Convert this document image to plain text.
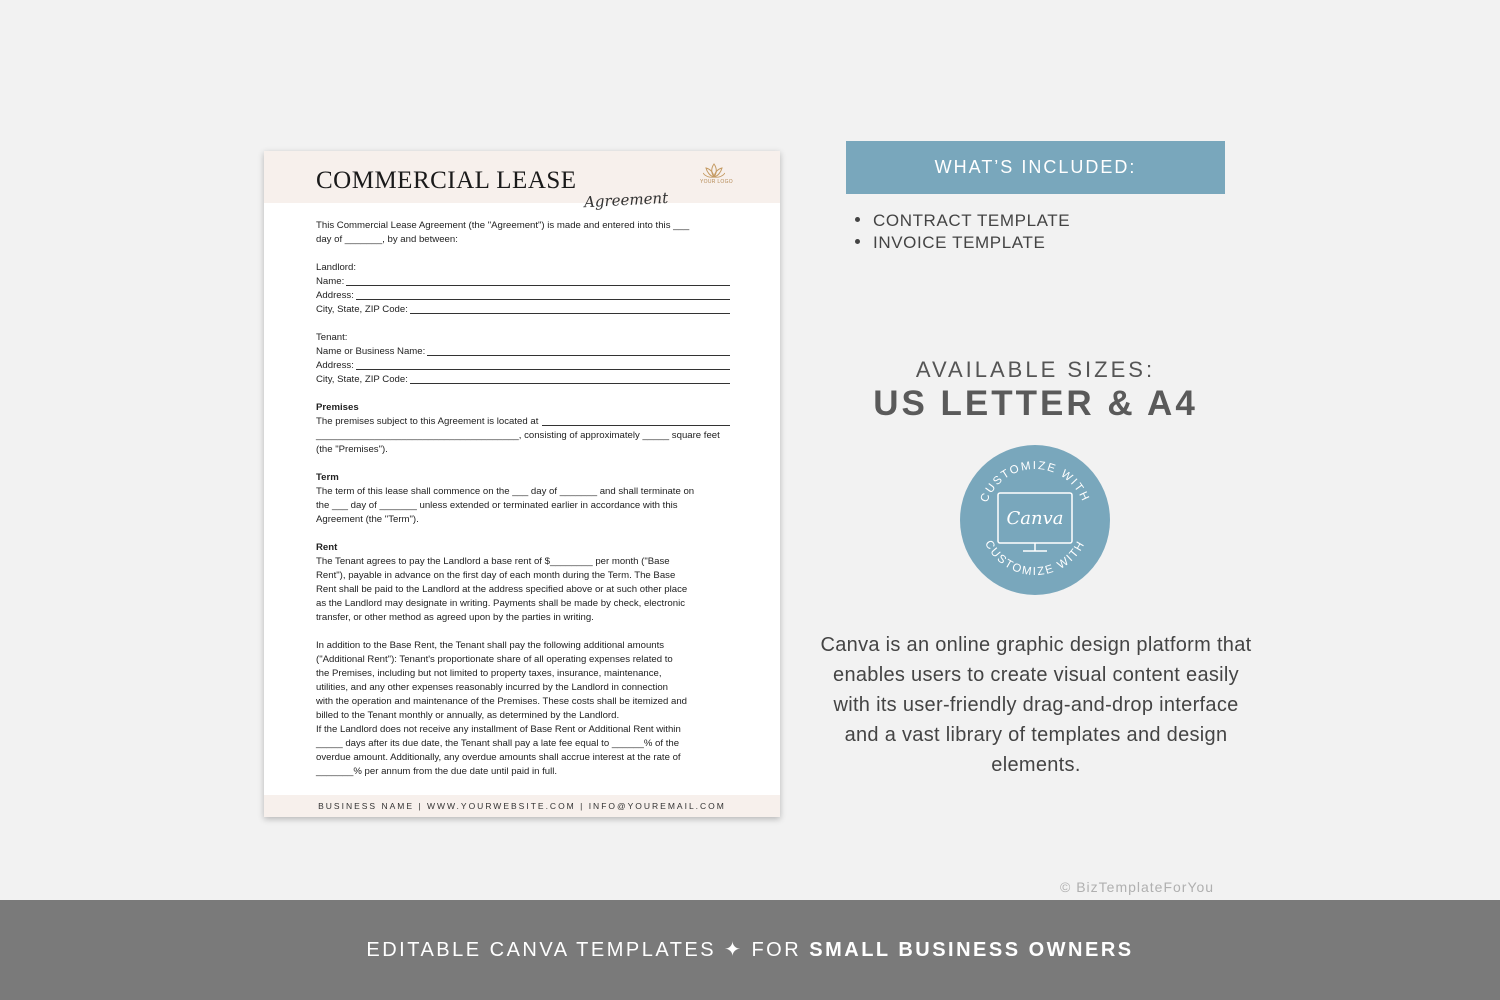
COMMERCIAL LEASE
Agreement
YOUR LOGO

This Commercial Lease Agreement (the "Agreement") is made and entered into this ___

day of _______, by and between:

Landlord:

Name:
Address:
City, State, ZIP Code:

Tenant:

Name or Business Name:
Address:
City, State, ZIP Code:

Premises

The premises subject to this Agreement is located at

______________________________________, consisting of approximately _____ square feet

(the "Premises").

Term

The term of this lease shall commence on the ___ day of _______ and shall terminate on

the ___ day of _______ unless extended or terminated earlier in accordance with this

Agreement (the "Term").

Rent

The Tenant agrees to pay the Landlord a base rent of $________ per month ("Base

Rent"), payable in advance on the first day of each month during the Term. The Base

Rent shall be paid to the Landlord at the address specified above or at such other place

as the Landlord may designate in writing. Payments shall be made by check, electronic

transfer, or other method as agreed upon by the parties in writing.

In addition to the Base Rent, the Tenant shall pay the following additional amounts

("Additional Rent"): Tenant's proportionate share of all operating expenses related to

the Premises, including but not limited to property taxes, insurance, maintenance,

utilities, and any other expenses reasonably incurred by the Landlord in connection

with the operation and maintenance of the Premises. These costs shall be itemized and

billed to the Tenant monthly or annually, as determined by the Landlord.

If the Landlord does not receive any installment of Base Rent or Additional Rent within

_____ days after its due date, the Tenant shall pay a late fee equal to ______% of the

overdue amount. Additionally, any overdue amounts shall accrue interest at the rate of

_______% per annum from the due date until paid in full.

BUSINESS NAME | WWW.YOURWEBSITE.COM | INFO@YOUREMAIL.COM
WHAT’S INCLUDED:
CONTRACT TEMPLATE
INVOICE TEMPLATE
AVAILABLE SIZES:
US LETTER & A4
CUSTOMIZE WITH
CUSTOMIZE WITH
Canva
Canva is an online graphic design platform that enables users to create visual content easily with its user-friendly drag-and-drop interface and a vast library of templates and design elements.
© BizTemplateForYou
EDITABLE CANVA TEMPLATES ✦ FOR SMALL BUSINESS OWNERS
